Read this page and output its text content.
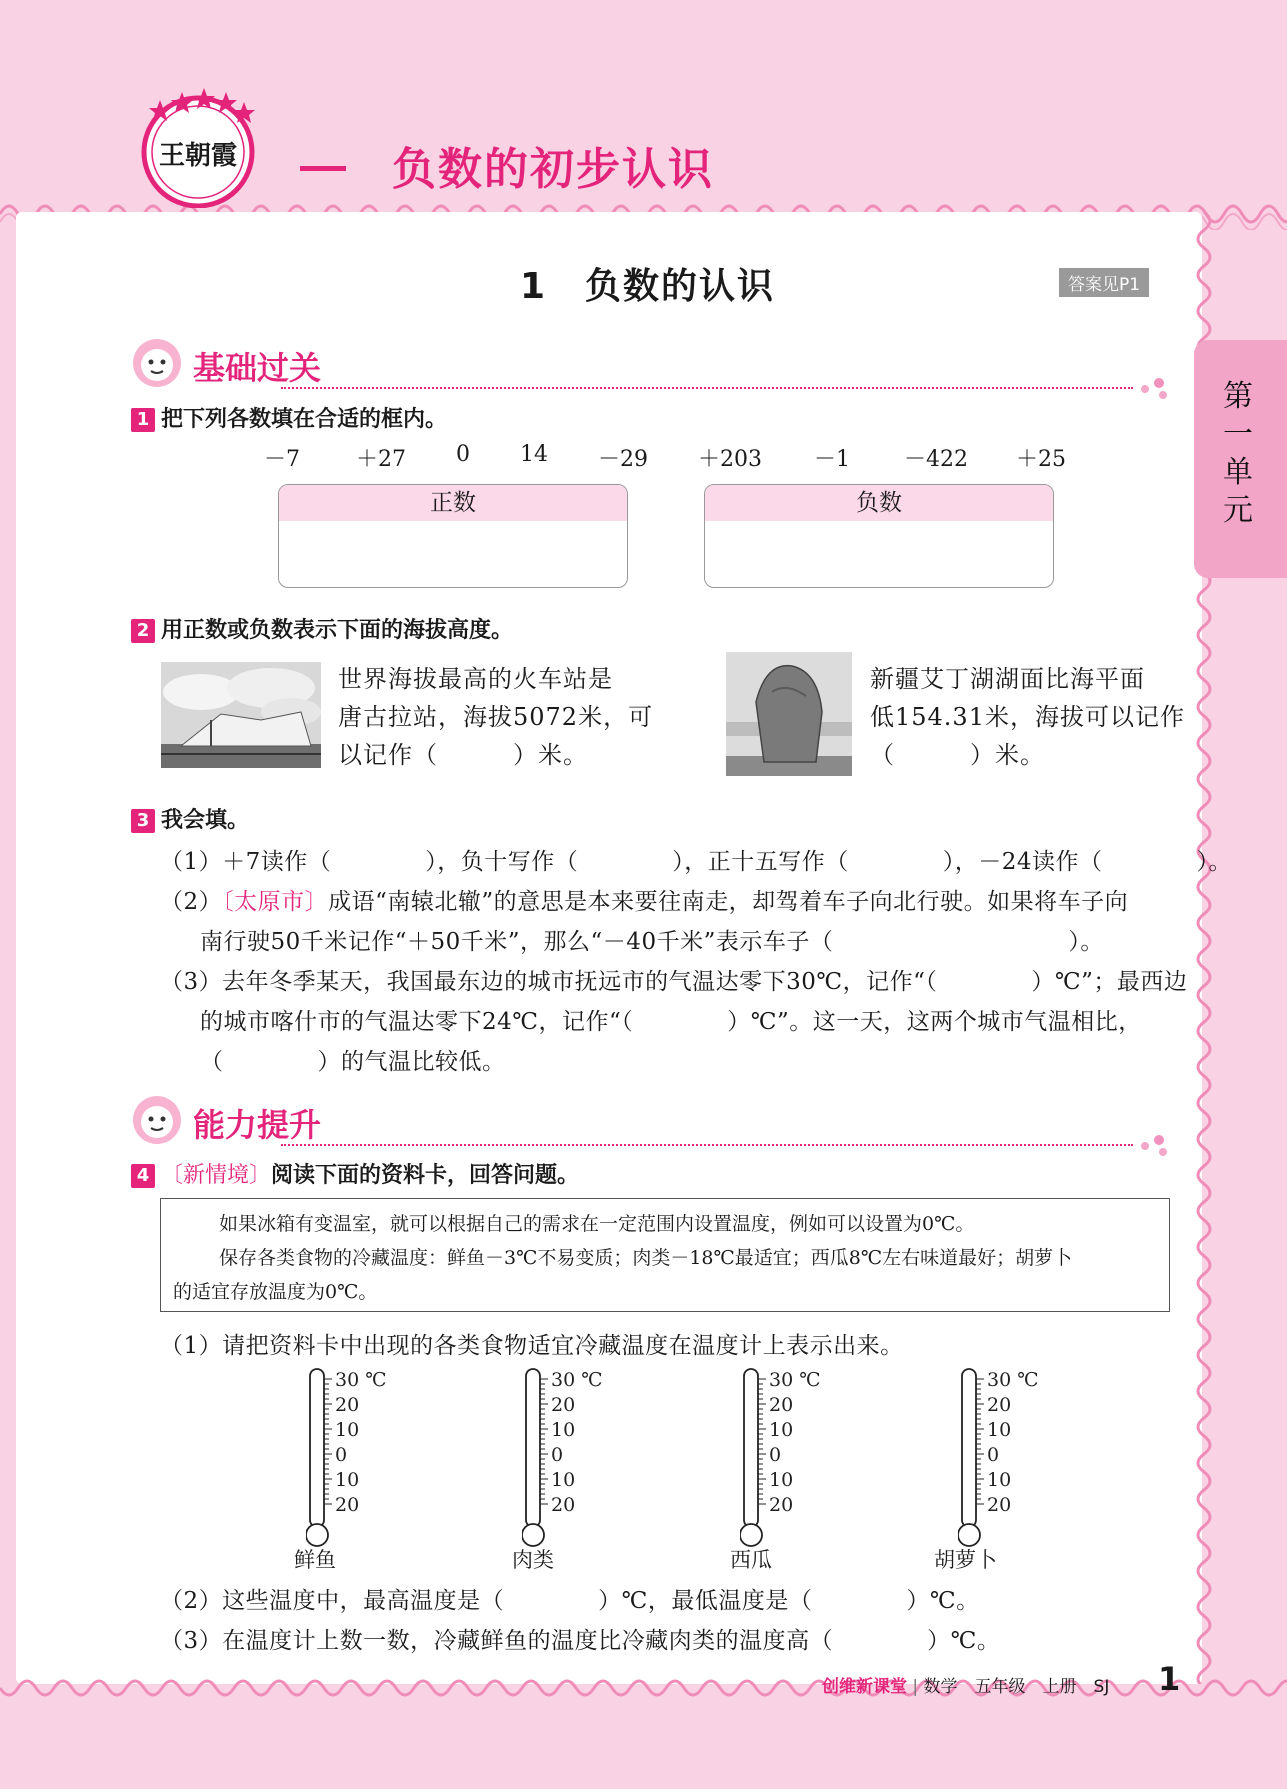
王朝霞	负数的初步认识
1　负数的认识	答案见P1
第一单元
基础过关
1 把下列各数填在合适的框内。
－7	＋27 0 14 －29 ＋203 －1 －422 ＋25
正数	负数
2 用正数或负数表示下面的海拔高度。
世界海拔最高的火车站是
唐古拉站，海拔5072米，可
以记作（　　　）米。
新疆艾丁湖湖面比海平面
低154.31米，海拔可以记作
（　　　）米。
3 我会填。
（1）＋7读作（　　　　），负十写作（　　　　），正十五写作（　　　　），－24读作（　　　　）。
（2）〔太原市〕成语“南辕北辙”的意思是本来要往南走，却驾着车子向北行驶。如果将车子向
南行驶50千米记作“＋50千米”，那么“－40千米”表示车子（　　　　　　　　　　）。
（3）去年冬季某天，我国最东边的城市抚远市的气温达零下30℃，记作“（　　　　）℃”；最西边
的城市喀什市的气温达零下24℃，记作“（　　　　）℃”。这一天，这两个城市气温相比，
（　　　　）的气温比较低。
能力提升
4 〔新情境〕阅读下面的资料卡，回答问题。
如果冰箱有变温室，就可以根据自己的需求在一定范围内设置温度，例如可以设置为0℃。
保存各类食物的冷藏温度：鲜鱼－3℃不易变质；肉类－18℃最适宜；西瓜8℃左右味道最好；胡萝卜
的适宜存放温度为0℃。
（1）请把资料卡中出现的各类食物适宜冷藏温度在温度计上表示出来。
30 ℃
20
10
0
10
20
鲜鱼
30 ℃
20
10
0
10
20
肉类
30 ℃
20
10
0
10
20
西瓜
30 ℃
20
10
0
10
20
胡萝卜
（2）这些温度中，最高温度是（　　　　）℃，最低温度是（　　　　）℃。
（3）在温度计上数一数，冷藏鲜鱼的温度比冷藏肉类的温度高（　　　　）℃。
创维新课堂 | 数学　五年级　上册　SJ 1
